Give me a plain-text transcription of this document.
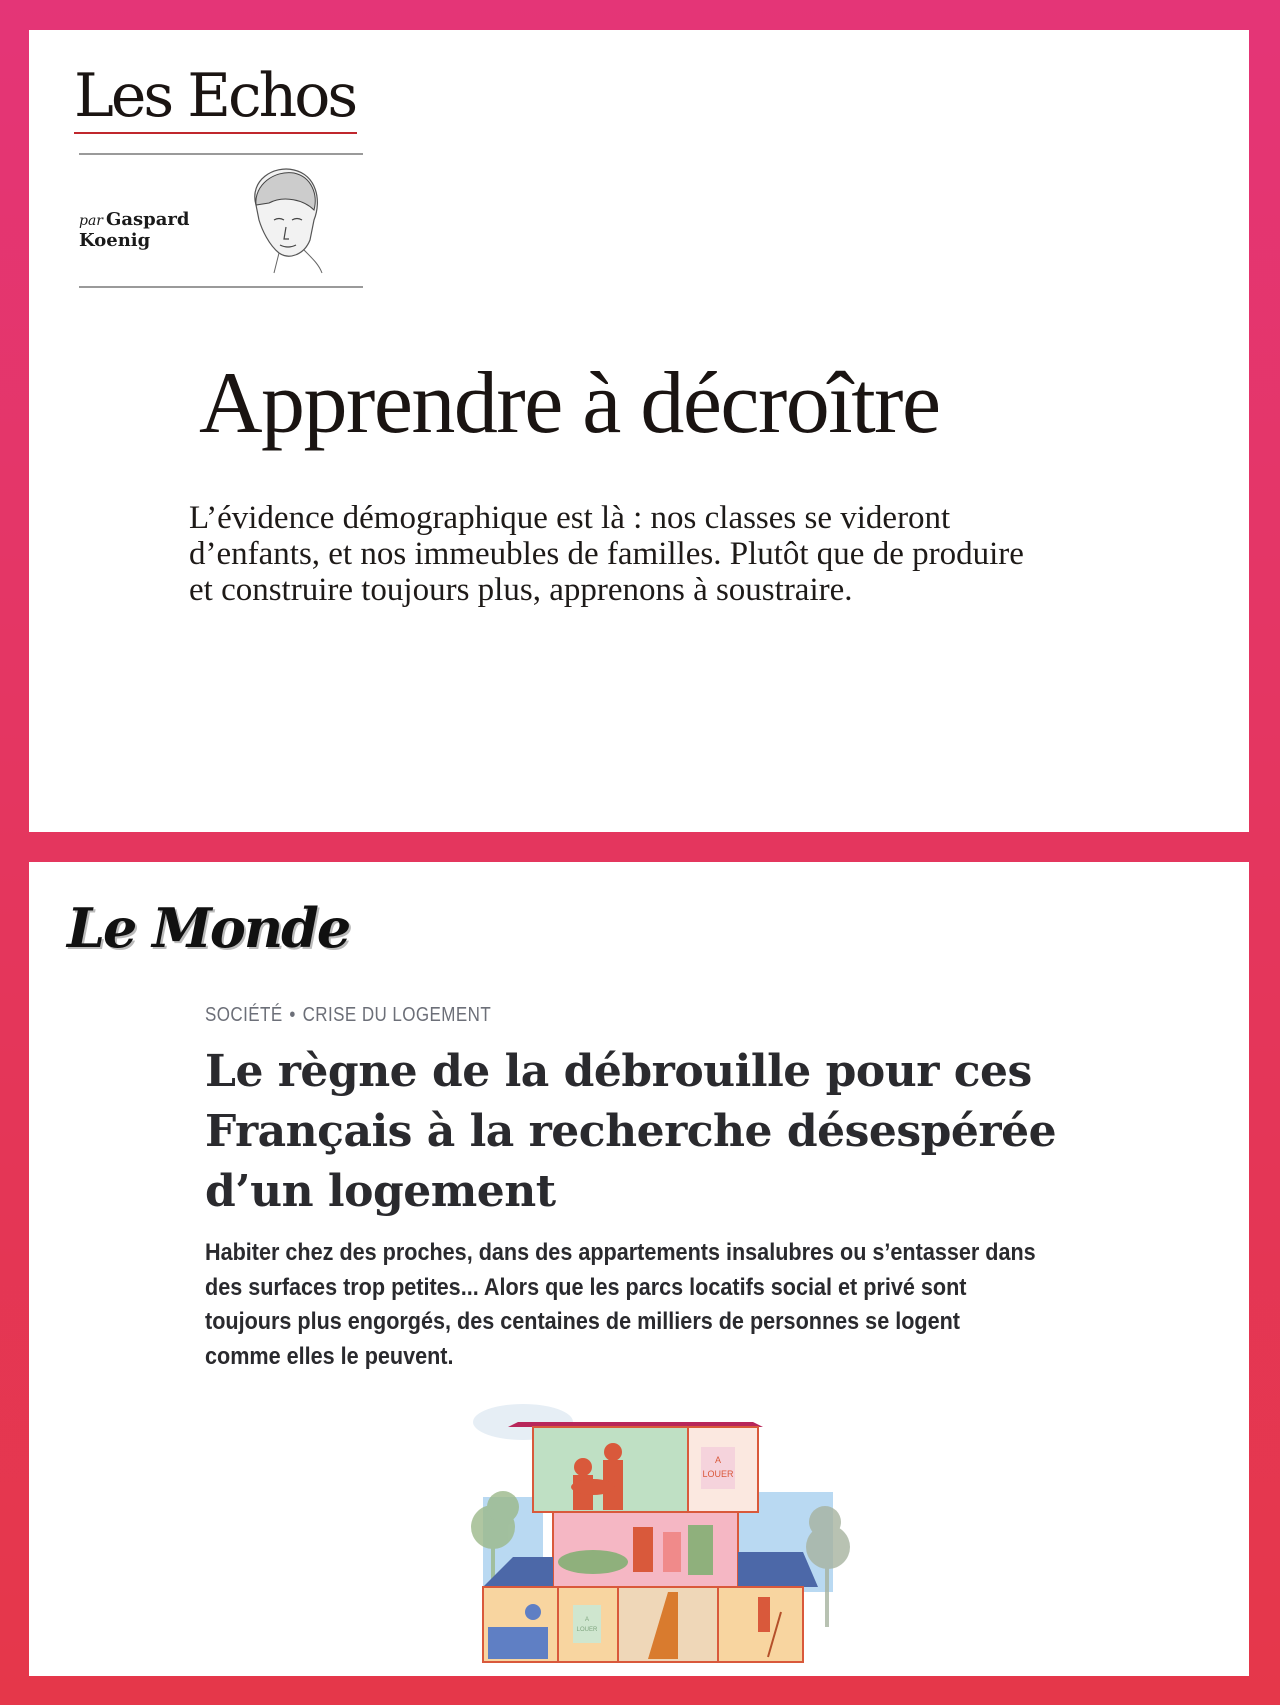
Les Echos
par Gaspard
Koenig
Apprendre à décroître
L’évidence démographique est là : nos classes se videront
d’enfants, et nos immeubles de familles. Plutôt que de produire
et construire toujours plus, apprenons à soustraire.
Le Monde
SOCIÉTÉ • CRISE DU LOGEMENT
Le règne de la débrouille pour ces
Français à la recherche désespérée
d’un logement
Habiter chez des proches, dans des appartements insalubres ou s’entasser dans
des surfaces trop petites... Alors que les parcs locatifs social et privé sont
toujours plus engorgés, des centaines de milliers de personnes se logent
comme elles le peuvent.
A
LOUER
A
LOUER
